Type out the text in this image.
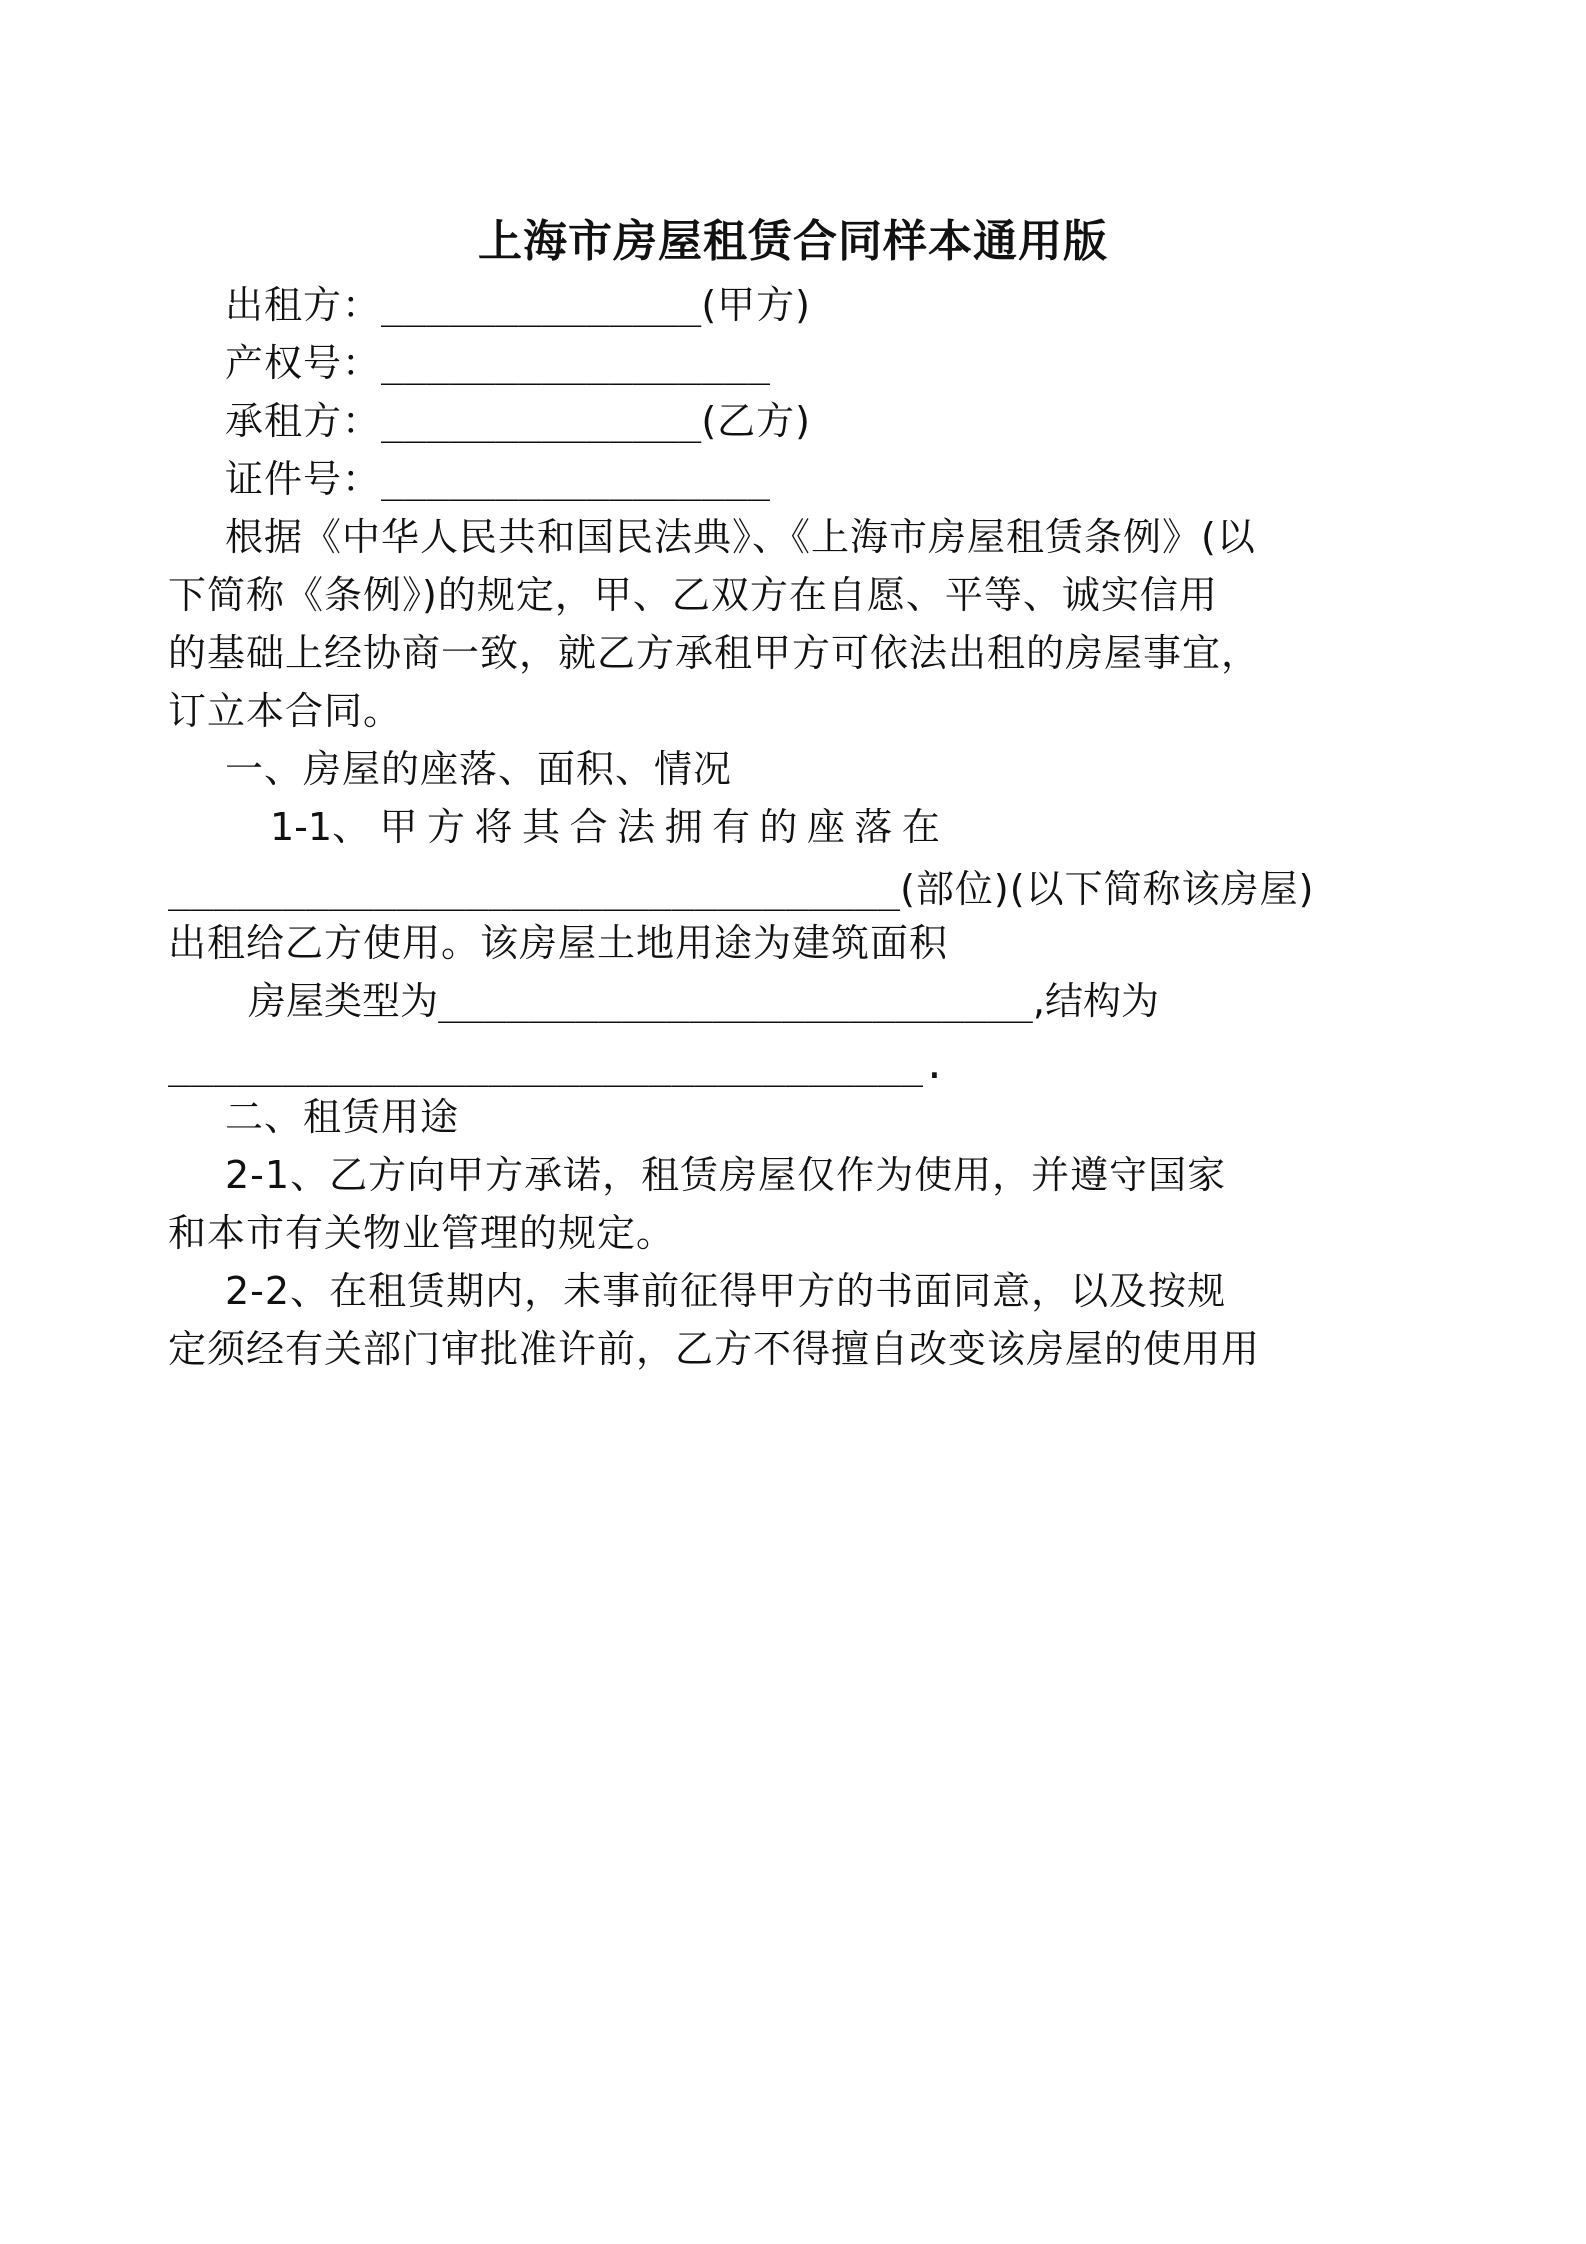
上海市房屋租赁合同样本通用版
出租方：______________(甲方)
产权号：_________________
承租方：______________(乙方)
证件号：_________________
根据《中华人民共和国民法典》、《上海市房屋租赁条例》(以
下简称《条例》)的规定，甲、乙双方在自愿、平等、诚实信用
的基础上经协商一致，就乙方承租甲方可依法出租的房屋事宜，
订立本合同。
一、房屋的座落、面积、情况
1-1、 甲 方 将 其 合 法 拥 有 的 座 落 在
________________________________(部位)(以下简称该房屋)
出租给乙方使用。该房屋土地用途为建筑面积
房 屋 类 型 为 __________________________ ,结 构 为
_________________________________.
二、租赁用途
2-1、乙方向甲方承诺，租赁房屋仅作为使用，并遵守国家
和本市有关物业管理的规定。
2-2、在租赁期内，未事前征得甲方的书面同意，以及按规
定须经有关部门审批准许前，乙方不得擅自改变该房屋的使用用
